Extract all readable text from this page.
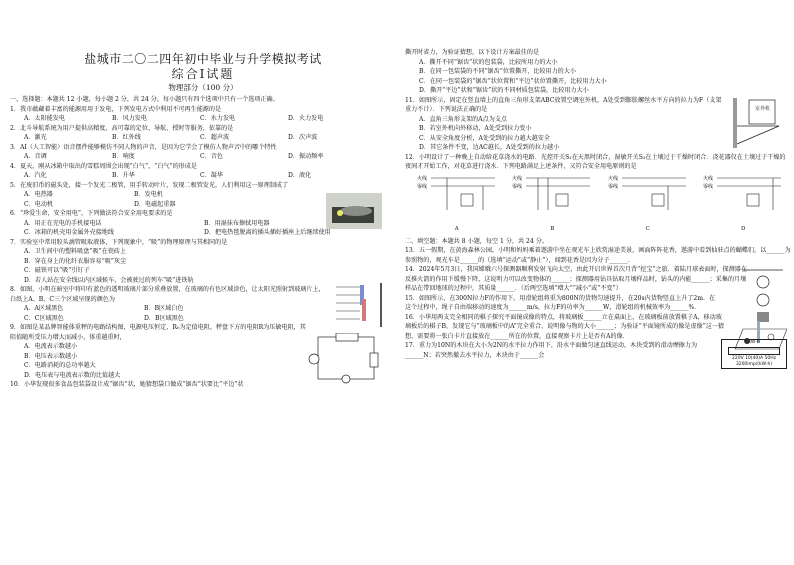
盐城市二〇二四年初中毕业与升学模拟考试
综合Ⅰ试题
物理部分（100 分）

一、选择题：本题共 12 小题，每小题 2 分，共 24 分。每小题只有四个选项中只有一个选项正确。

1．我市蕴藏着丰富的能源用用于发电，下列发电方式中利用不可再生能源的是

A．太阳能发电	B．风力发电	C．水力发电	D．火力发电

2．北斗导航系统为用户提供高精度、高可靠的定位、导航、授时等服务，依靠的是

A．激光	B．红外线	C．超声波	D．次声波

3．AI（人工智能）语音摆件能够模仿不同人物的声音，是因为它学会了模仿人物声音中的哪个特性

A．音调	B．响度	C．音色	D．振动频率

4．夏天，刚从冰箱中取出的雪糕周围会出现“白气”，“白气”的形成是

A．汽化	B．升华	C．凝华	D．液化

5．在废旧币的磁头处，接一个发光二极管，用手转动叶片，发现二极管发光，人们利用这一原理制成了

A．电热器	B．发电机
C．电动机	D．电磁起重器

6．“珍爱生命，安全用电”，下列做法符合安全用电要求的是

A．用正在充电的手机接电话	B．用湿抹布擦拭用电器
C．冰箱的机壳用金属外壳接地线	D．把电热毯脱离的插头插好插座上后继续使用

7．实验室中常用胶头滴管吸取液体，下列现象中，“吸”的物理原理与其相同的是

A．卫生间中的塑料吸盘“吸”在瓷砖上
B．穿在身上的化纤衣服容易“吸”灰尘
C．磁铁可以“吸”引钉子
D．若人站在安全线以内区域候车，会被驶过的列车“吸”进铁轨

8．如图，小明在暗室中将印有蓝色的透明玻璃片部分重叠放置，在玻璃的有色区域涂色，让太阳光照射到玻璃片上，白纸上A、B、C三个区域呈现的颜色为

A．A区域黑色	B．B区域白色
C．C区域黑色	D．B区域黑色

9．如图是某品牌智能体重秤的电路结构图，电源电压恒定，R₀为定值电阻，秤盘下方的电阻R为压敏电阻，其阻值随所受压力增大而减小，体重越重时，

A．电流表示数越小
B．电压表示数越小
C．电路消耗的总功率越大
D．电压表与电流表示数的比值越大

10．小华发现很多食品包装袋设计成“锯齿”状，她猜想袋口做成“锯齿”状要比“平边”状

撕开时省力，为验证猜想，以下设计方案最佳的是

A．撕开不同“锯齿”状的包装袋，比较所用力的大小
B．在同一包装袋的不同“锯齿”位置撕开，比较用力的大小
C．在同一包装袋的“锯齿”状位置和“平边”状位置撕开，比较用力大小
D．撕开“平边”状和“锯齿”状的不同材质包装袋，比较用力大小

11．如图所示，固定在竖直墙上的直角三角形支架ABC放置空调室外机，A处受到膨胀螺丝水平方向的拉力为F（支架重力不计）．下列说法正确的是

A．直角三角形支架的A点为支点
B．若室外机向外移动，A处受到拉力变小
C．从安全角度分析，A处受到的拉力越大越安全
D．其它条件不变，边AC越长，A处受到的拉力越小
室外机

12．小明设计了一种晚上自动给花草浇水的电路．光控开关S₁在天黑时闭合，湿敏开关S₂在土壤过于干燥时闭合．浇花器仅在土壤过于干燥的夜间才开始工作，对花草进行浇水．下列电路满足上述条件，又符合安全用电原则的是

火线
零线
A
火线
零线
B
火线
零线
C
火线
零线
D

二、填空题：本题共 8 小题，每空 1 分，共 24 分。

13．五一假期，在黄海森林公园，小明和妈妈乘着遨游中坐在观光车上欣赏湿途美景，画面阵阵花香，遨游中看到仙驻点的蝴蝶们，以______为参照物的，观光车是______的（选填“运动”或“静止”），闻到花香是因为分子______．

14．2024年5月3日，我国嫦娥六号探测器顺利发射飞向太空，由此开启世界首次月背“挖宝”之旅．着陆月球表面时，探测器在反推火箭的作用下缓慢下降，这说明力可以改变物体的______；探测器用钻具钻取月壤样品时，钻头的内能______；采集的月壤样品在带回地球的过程中，其质量______．（后两空选填“增大”“减小”或“不变”）

15．如图所示，在300N拉力F的作用下，用滑轮组将重为800N的货物匀速提升，在20s内货物竖直上升了2m．在这个过程中，绳子自由端移动的速度为______m/s，拉力F的功率为______W，滑轮组的机械效率为______%．

16．小华用两支完全相同的棋子探究平面镜成像的特点，将玻璃板______立在桌面上，在玻璃板前放置棋子A，移动玻璃板后的棋子B，发现它与“玻璃板中的A”完全重合，说明像与物的大小______；为验证“平面镜所成的像是虚像”这一猜想，需要将一张白卡片直接放在______所在的位置，直接观察卡片上是否有A的像．

17．重力为10N的木块在大小为2N的水平拉力作用下，沿水平面做匀速直线运动，木块受到的滑动摩擦力为______N；若突然撤去水平拉力，木块由于______会

kW·h
220V 10(40)A 50Hz
3200imp/(kW·h)
